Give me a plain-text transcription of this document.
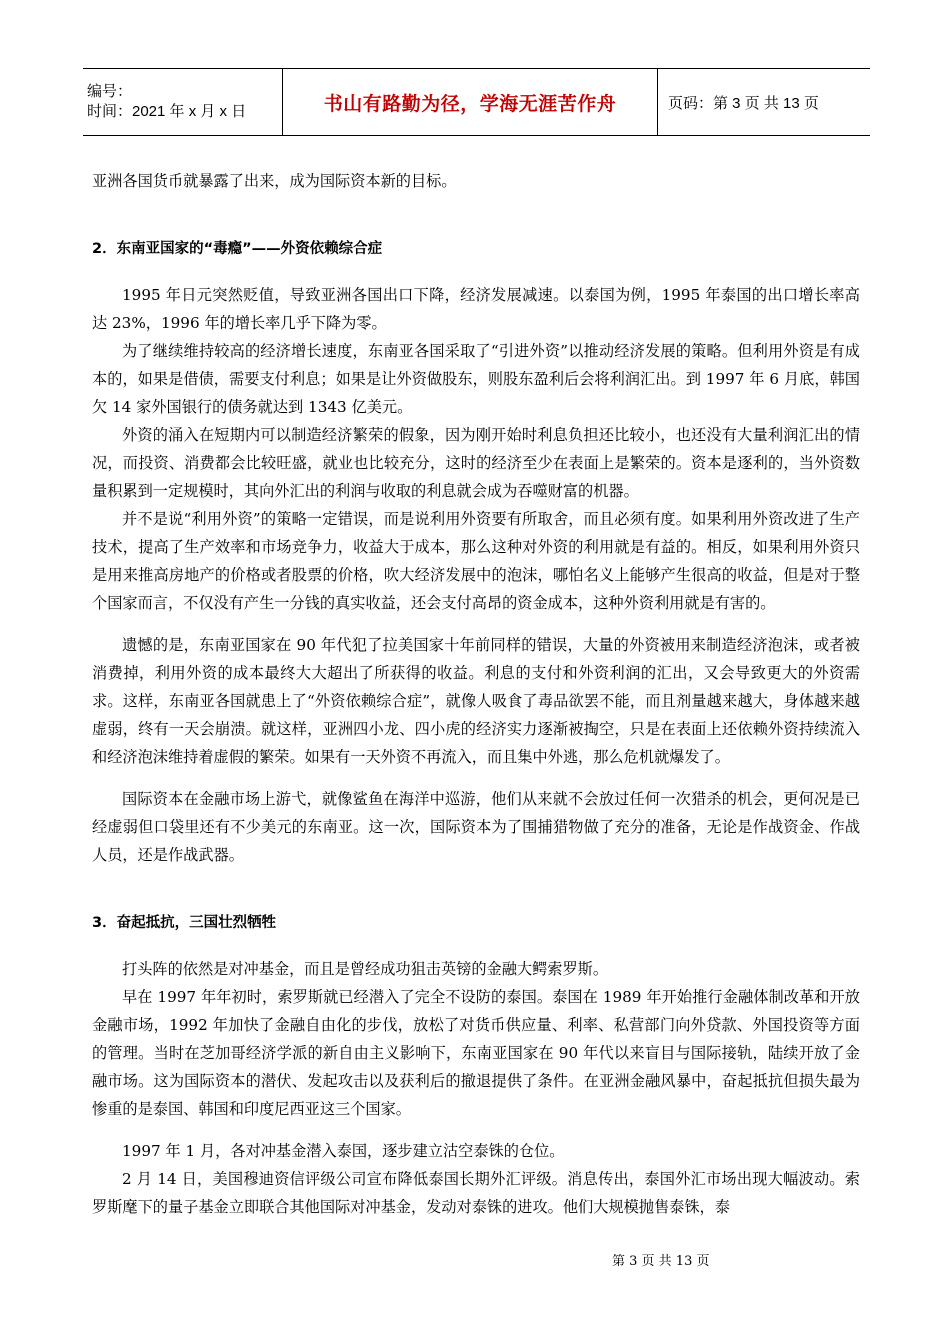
编号：
时间：2021 年 x 月 x 日	书山有路勤为径，学海无涯苦作舟	页码：第 3 页 共 13 页

亚洲各国货币就暴露了出来，成为国际资本新的目标。

2．东南亚国家的“毒瘾”——外资依赖综合症

1995 年日元突然贬值，导致亚洲各国出口下降，经济发展减速。以泰国为例，1995 年泰国的出口增长率高达 23%，1996 年的增长率几乎下降为零。

为了继续维持较高的经济增长速度，东南亚各国采取了“引进外资”以推动经济发展的策略。但利用外资是有成本的，如果是借债，需要支付利息；如果是让外资做股东，则股东盈利后会将利润汇出。到 1997 年 6 月底，韩国欠 14 家外国银行的债务就达到 1343 亿美元。

外资的涌入在短期内可以制造经济繁荣的假象，因为刚开始时利息负担还比较小，也还没有大量利润汇出的情况，而投资、消费都会比较旺盛，就业也比较充分，这时的经济至少在表面上是繁荣的。资本是逐利的，当外资数量积累到一定规模时，其向外汇出的利润与收取的利息就会成为吞噬财富的机器。

并不是说“利用外资”的策略一定错误，而是说利用外资要有所取舍，而且必须有度。如果利用外资改进了生产技术，提高了生产效率和市场竞争力，收益大于成本，那么这种对外资的利用就是有益的。相反，如果利用外资只是用来推高房地产的价格或者股票的价格，吹大经济发展中的泡沫，哪怕名义上能够产生很高的收益，但是对于整个国家而言，不仅没有产生一分钱的真实收益，还会支付高昂的资金成本，这种外资利用就是有害的。

遗憾的是，东南亚国家在 90 年代犯了拉美国家十年前同样的错误，大量的外资被用来制造经济泡沫，或者被消费掉，利用外资的成本最终大大超出了所获得的收益。利息的支付和外资利润的汇出，又会导致更大的外资需求。这样，东南亚各国就患上了“外资依赖综合症”，就像人吸食了毒品欲罢不能，而且剂量越来越大，身体越来越虚弱，终有一天会崩溃。就这样，亚洲四小龙、四小虎的经济实力逐渐被掏空，只是在表面上还依赖外资持续流入和经济泡沫维持着虚假的繁荣。如果有一天外资不再流入，而且集中外逃，那么危机就爆发了。

国际资本在金融市场上游弋，就像鲨鱼在海洋中巡游，他们从来就不会放过任何一次猎杀的机会，更何况是已经虚弱但口袋里还有不少美元的东南亚。这一次，国际资本为了围捕猎物做了充分的准备，无论是作战资金、作战人员，还是作战武器。

3．奋起抵抗，三国壮烈牺牲

打头阵的依然是对冲基金，而且是曾经成功狙击英镑的金融大鳄索罗斯。

早在 1997 年年初时，索罗斯就已经潜入了完全不设防的泰国。泰国在 1989 年开始推行金融体制改革和开放金融市场，1992 年加快了金融自由化的步伐，放松了对货币供应量、利率、私营部门向外贷款、外国投资等方面的管理。当时在芝加哥经济学派的新自由主义影响下，东南亚国家在 90 年代以来盲目与国际接轨，陆续开放了金融市场。这为国际资本的潜伏、发起攻击以及获利后的撤退提供了条件。在亚洲金融风暴中，奋起抵抗但损失最为惨重的是泰国、韩国和印度尼西亚这三个国家。

1997 年 1 月，各对冲基金潜入泰国，逐步建立沽空泰铢的仓位。

2 月 14 日，美国穆迪资信评级公司宣布降低泰国长期外汇评级。消息传出，泰国外汇市场出现大幅波动。索罗斯麾下的量子基金立即联合其他国际对冲基金，发动对泰铢的进攻。他们大规模抛售泰铢，泰

第 3 页 共 13 页
